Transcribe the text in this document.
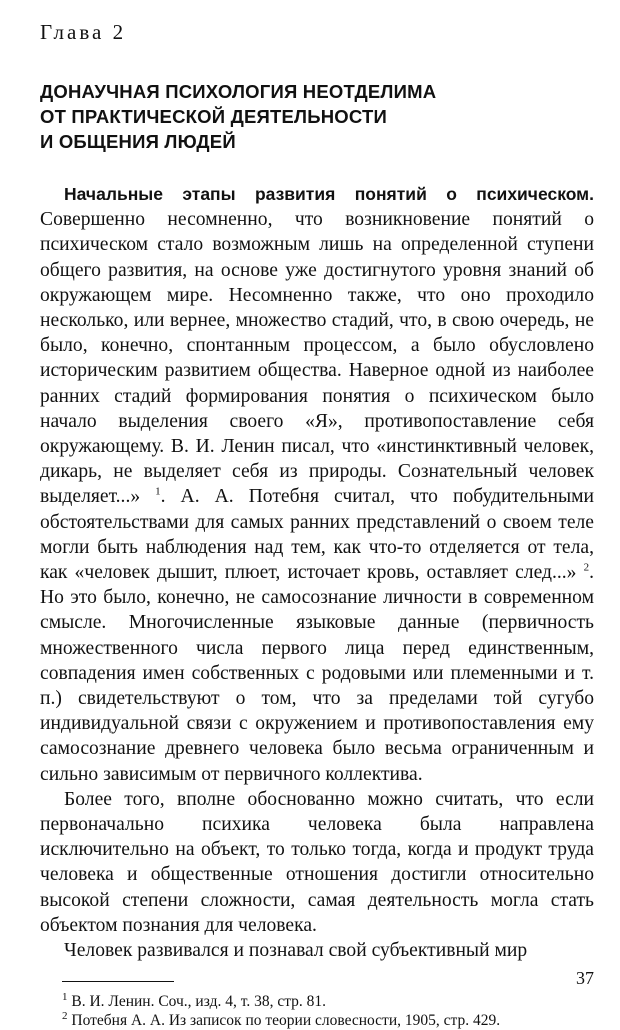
Глава 2
ДОНАУЧНАЯ ПСИХОЛОГИЯ НЕОТДЕЛИМА
ОТ ПРАКТИЧЕСКОЙ ДЕЯТЕЛЬНОСТИ
И ОБЩЕНИЯ ЛЮДЕЙ

Начальные этапы развития понятий о психическом. Совершенно несомненно, что возникновение понятий о психическом стало возможным лишь на определенной ступени общего развития, на основе уже достигнутого уровня знаний об окружающем мире. Несомненно также, что оно проходило несколько, или вернее, множество стадий, что, в свою очередь, не было, конечно, спонтанным процессом, а было обусловлено историческим развитием общества. Наверное одной из наиболее ранних стадий формирования понятия о психическом было начало выделения своего «Я», противопоставление себя окружающему. В. И. Ленин писал, что «инстинктивный человек, дикарь, не выделяет себя из природы. Сознательный человек выделяет...» $^1$. А. А. Потебня считал, что побудительными обстоятельствами для самых ранних представлений о своем теле могли быть наблюдения над тем, как что-то отделяется от тела, как «человек дышит, плюет, источает кровь, оставляет след...» $^2$. Но это было, конечно, не самосознание личности в современном смысле. Многочисленные языковые данные (первичность множественного числа первого лица перед единственным, совпадения имен собственных с родовыми или племенными и т. п.) свидетельствуют о том, что за пределами той сугубо индивидуальной связи с окружением и противопоставления ему самосознание древнего человека было весьма ограниченным и сильно зависимым от первичного коллектива.

Более того, вполне обоснованно можно считать, что если первоначально психика человека была направлена исключительно на объект, то только тогда, когда и продукт труда человека и общественные отношения достигли относительно высокой степени сложности, самая деятельность могла стать объектом познания для человека.

Человек развивался и познавал свой субъективный мир

$^1$ В. И. Ленин. Соч., изд. 4, т. 38, стр. 81.

$^2$ Потебня А. А. Из записок по теории словесности, 1905, стр. 429.

37
